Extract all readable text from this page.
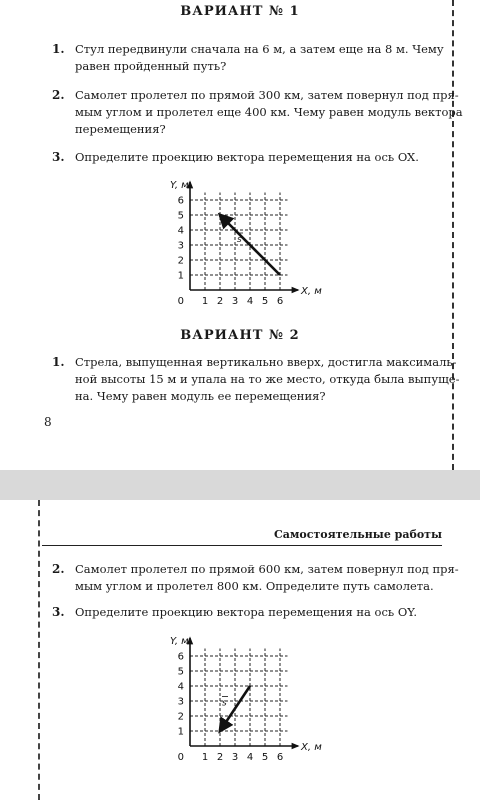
ВАРИАНТ № 1
1. Стул передвинули сначала на 6 м, а затем еще на 8 м. Чему
равен пройденный путь?
2. Самолет пролетел по прямой 300 км, затем повернул под пря-
мым углом и пролетел еще 400 км. Чему равен модуль вектора
перемещения?
3. Определите проекцию вектора перемещения на ось OX.
1 2 3 4 5 6
1
2
3
4
5
6
0
X, м
Y, м
s
ВАРИАНТ № 2
1. Стрела, выпущенная вертикально вверх, достигла максималь-
ной высоты 15 м и упала на то же место, откуда была выпуще-
на. Чему равен модуль ее перемещения?
8
Самостоятельные работы
2. Самолет пролетел по прямой 600 км, затем повернул под пря-
мым углом и пролетел 800 км. Определите путь самолета.
3. Определите проекцию вектора перемещения на ось OY.
1 2 3 4 5 6
1
2
3
4
5
6
0
X, м
Y, м
s
